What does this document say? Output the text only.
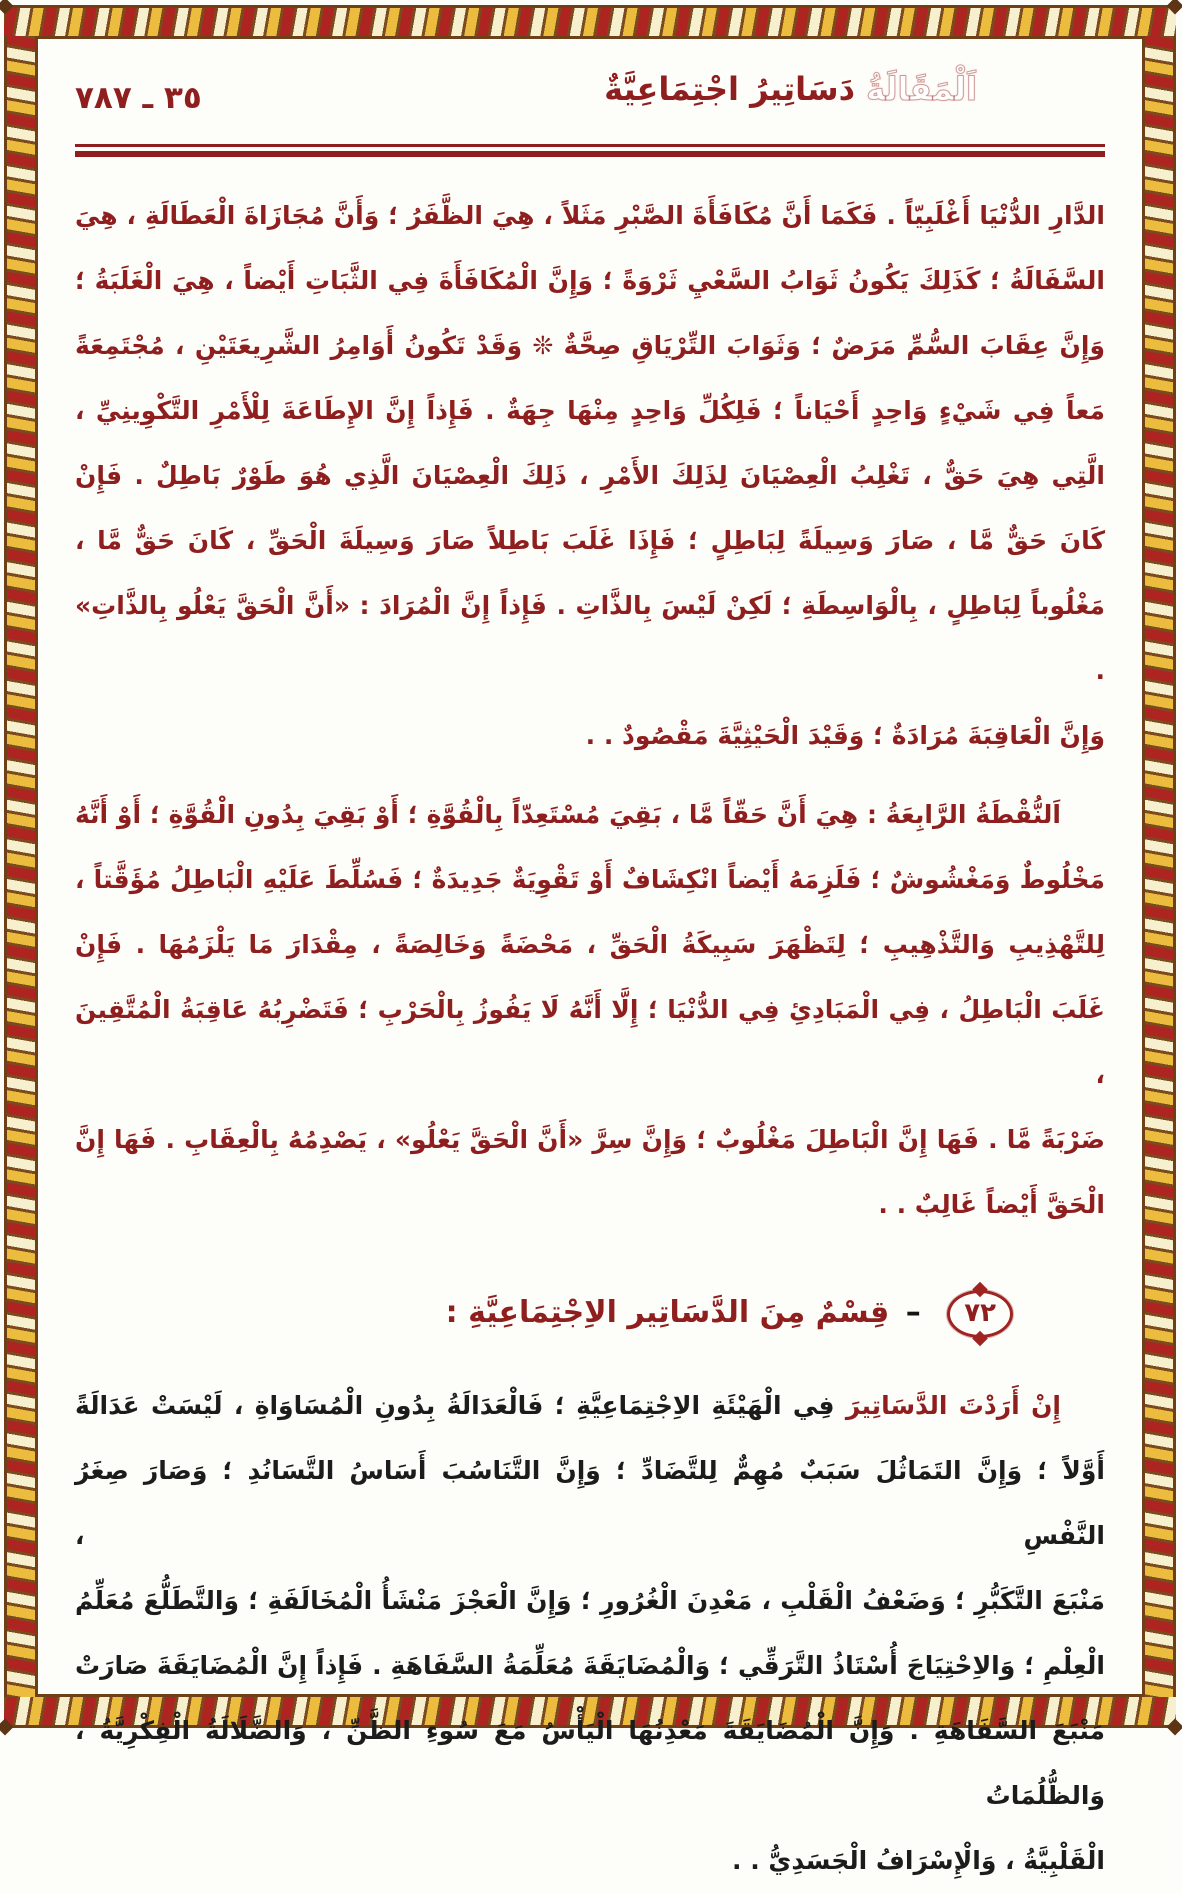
٧٨٧ ـ ٣٥	اَلْمَقَالَةُ دَسَاتِيرُ اجْتِمَاعِيَّةٌ
الدَّارِ الدُّنْيَا أَغْلَبِيّاً . فَكَمَا أَنَّ مُكَافَأَةَ الصَّبْرِ مَثَلاً ، هِيَ الظَّفَرُ ؛ وَأَنَّ مُجَازَاةَ الْعَطَالَةِ ، هِيَ
السَّفَالَةُ ؛ كَذَلِكَ يَكُونُ ثَوَابُ السَّعْيِ ثَرْوَةً ؛ وَإِنَّ الْمُكَافَأَةَ فِي الثَّبَاتِ أَيْضاً ، هِيَ الْغَلَبَةُ ؛
وَإِنَّ عِقَابَ السُّمِّ مَرَضٌ ؛ وَثَوَابَ التِّرْيَاقِ صِحَّةٌ ❊ وَقَدْ تَكُونُ أَوَامِرُ الشَّرِيعَتَيْنِ ، مُجْتَمِعَةً
مَعاً فِي شَيْءٍ وَاحِدٍ أَحْيَاناً ؛ فَلِكُلِّ وَاحِدٍ مِنْهَا جِهَةٌ . فَإِذاً إِنَّ الإِطَاعَةَ لِلْأَمْرِ التَّكْوِينِيِّ ،
الَّتِي هِيَ حَقٌّ ، تَغْلِبُ الْعِصْيَانَ لِذَلِكَ الأَمْرِ ، ذَلِكَ الْعِصْيَانَ الَّذِي هُوَ طَوْرٌ بَاطِلٌ . فَإِنْ
كَانَ حَقٌّ مَّا ، صَارَ وَسِيلَةً لِبَاطِلٍ ؛ فَإِذَا غَلَبَ بَاطِلاً صَارَ وَسِيلَةَ الْحَقِّ ، كَانَ حَقٌّ مَّا ،
مَغْلُوباً لِبَاطِلٍ ، بِالْوَاسِطَةِ ؛ لَكِنْ لَيْسَ بِالذَّاتِ . فَإِذاً إِنَّ الْمُرَادَ : «أَنَّ الْحَقَّ يَعْلُو بِالذَّاتِ» .
وَإِنَّ الْعَاقِبَةَ مُرَادَةٌ ؛ وَقَيْدَ الْحَيْثِيَّةَ مَقْصُودٌ . .
اَلنُّقْطَةُ الرَّابِعَةُ : هِيَ أَنَّ حَقّاً مَّا ، بَقِيَ مُسْتَعِدّاً بِالْقُوَّةِ ؛ أَوْ بَقِيَ بِدُونِ الْقُوَّةِ ؛ أَوْ أَنَّهُ
مَخْلُوطٌ وَمَغْشُوشٌ ؛ فَلَزِمَهُ أَيْضاً انْكِشَافٌ أَوْ تَقْوِيَةٌ جَدِيدَةٌ ؛ فَسُلِّطَ عَلَيْهِ الْبَاطِلُ مُؤَقَّتاً ،
لِلتَّهْذِيبِ وَالتَّذْهِيبِ ؛ لِتَظْهَرَ سَبِيكَةُ الْحَقِّ ، مَحْضَةً وَخَالِصَةً ، مِقْدَارَ مَا يَلْزَمُهَا . فَإِنْ
غَلَبَ الْبَاطِلُ ، فِي الْمَبَادِئِ فِي الدُّنْيَا ؛ إِلَّا أَنَّهُ لَا يَفُوزُ بِالْحَرْبِ ؛ فَتَضْرِبُهُ عَاقِبَةُ الْمُتَّقِينَ ،
ضَرْبَةً مَّا . فَهَا إِنَّ الْبَاطِلَ مَغْلُوبٌ ؛ وَإِنَّ سِرَّ «أَنَّ الْحَقَّ يَعْلُو» ، يَصْدِمُهُ بِالْعِقَابِ . فَهَا إِنَّ
الْحَقَّ أَيْضاً غَالِبٌ . .
٧٢ – قِسْمٌ مِنَ الدَّسَاتِير الاِجْتِمَاعِيَّةِ :
إِنْ أَرَدْتَ الدَّسَاتِيرَ فِي الْهَيْئَةِ الاِجْتِمَاعِيَّةِ ؛ فَالْعَدَالَةُ بِدُونِ الْمُسَاوَاةِ ، لَيْسَتْ عَدَالَةً
أَوَّلاً ؛ وَإِنَّ التَمَاثُلَ سَبَبٌ مُهِمٌّ لِلتَّضَادِّ ؛ وَإِنَّ التَّنَاسُبَ أَسَاسُ التَّسَانُدِ ؛ وَصَارَ صِغَرُ النَّفْسِ ،
مَنْبَعَ التَّكَبُّرِ ؛ وَضَعْفُ الْقَلْبِ ، مَعْدِنَ الْغُرُورِ ؛ وَإِنَّ الْعَجْزَ مَنْشَأُ الْمُخَالَفَةِ ؛ وَالتَّطَلُّعَ مُعَلِّمُ
الْعِلْمِ ؛ وَالاِحْتِيَاجَ أُسْتَاذُ التَّرَقِّي ؛ وَالْمُضَايَقَةَ مُعَلِّمَةُ السَّفَاهَةِ . فَإِذاً إِنَّ الْمُضَايَقَةَ صَارَتْ
مَنْبَعَ السَّفَاهَةِ . وَإِنَّ الْمُضَايَقَةَ مَعْدِنُهَا الْيَأْسُ مَعَ سُوءِ الظَّنِّ ، وَالضَّلَالَةُ الْفِكْرِيَّةُ ، وَالظُّلُمَاتُ
الْقَلْبِيَّةُ ، وَالْإِسْرَافُ الْجَسَدِيُّ . .
